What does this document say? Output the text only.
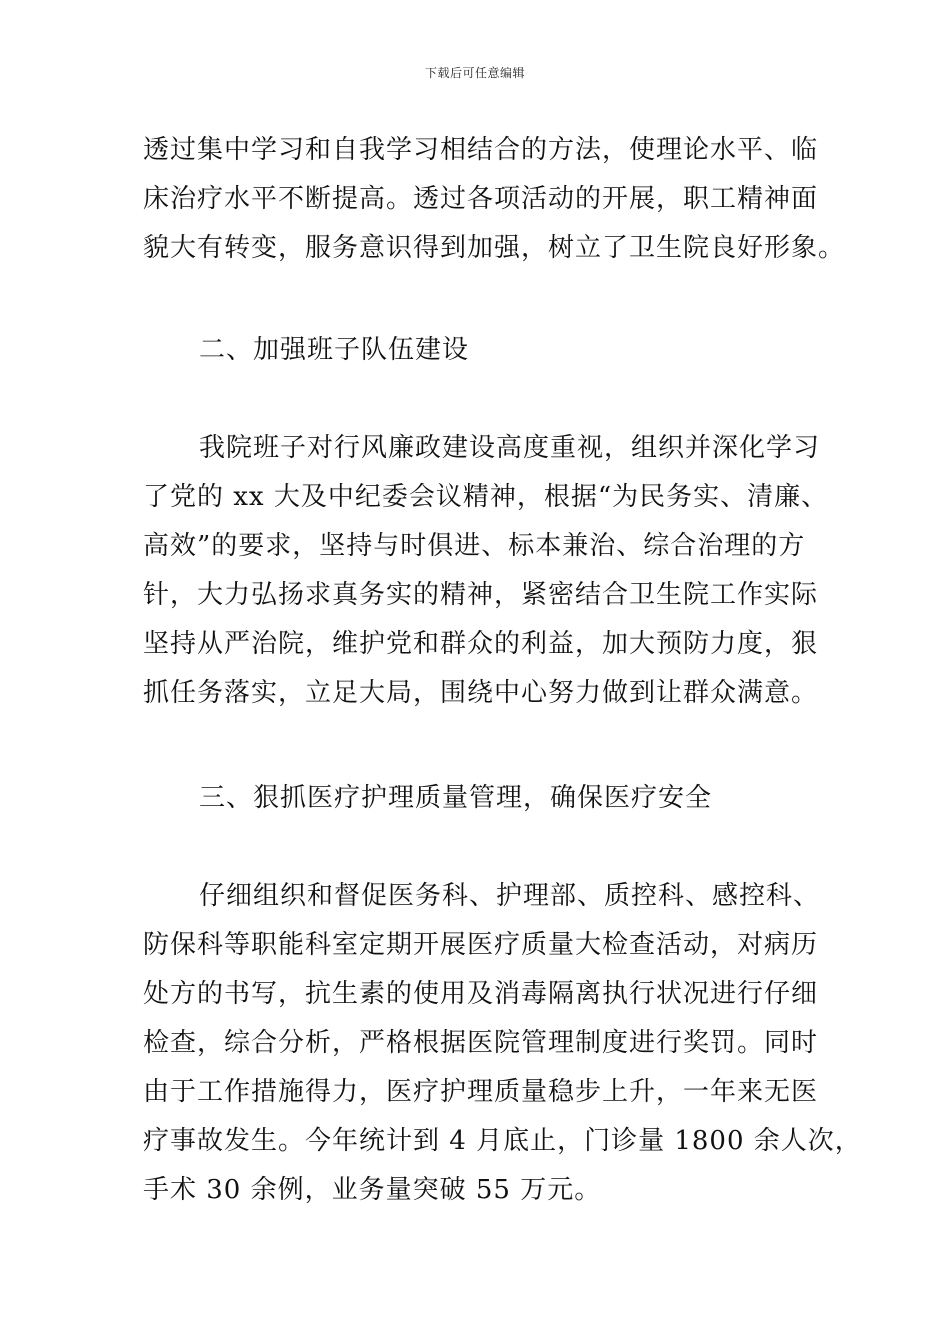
下载后可任意编辑
透过集中学习和自我学习相结合的方法，使理论水平、临
床治疗水平不断提高。透过各项活动的开展，职工精神面
貌大有转变，服务意识得到加强，树立了卫生院良好形象。
二、加强班子队伍建设
我院班子对行风廉政建设高度重视，组织并深化学习
了党的 xx 大及中纪委会议精神，根据“为民务实、清廉、
高效”的要求，坚持与时俱进、标本兼治、综合治理的方
针，大力弘扬求真务实的精神，紧密结合卫生院工作实际
坚持从严治院，维护党和群众的利益，加大预防力度，狠
抓任务落实，立足大局，围绕中心努力做到让群众满意。
三、狠抓医疗护理质量管理，确保医疗安全
仔细组织和督促医务科、护理部、质控科、感控科、
防保科等职能科室定期开展医疗质量大检查活动，对病历
处方的书写，抗生素的使用及消毒隔离执行状况进行仔细
检查，综合分析，严格根据医院管理制度进行奖罚。同时
由于工作措施得力，医疗护理质量稳步上升，一年来无医
疗事故发生。今年统计到 4 月底止，门诊量 1800 余人次，
手术 30 余例，业务量突破 55 万元。
